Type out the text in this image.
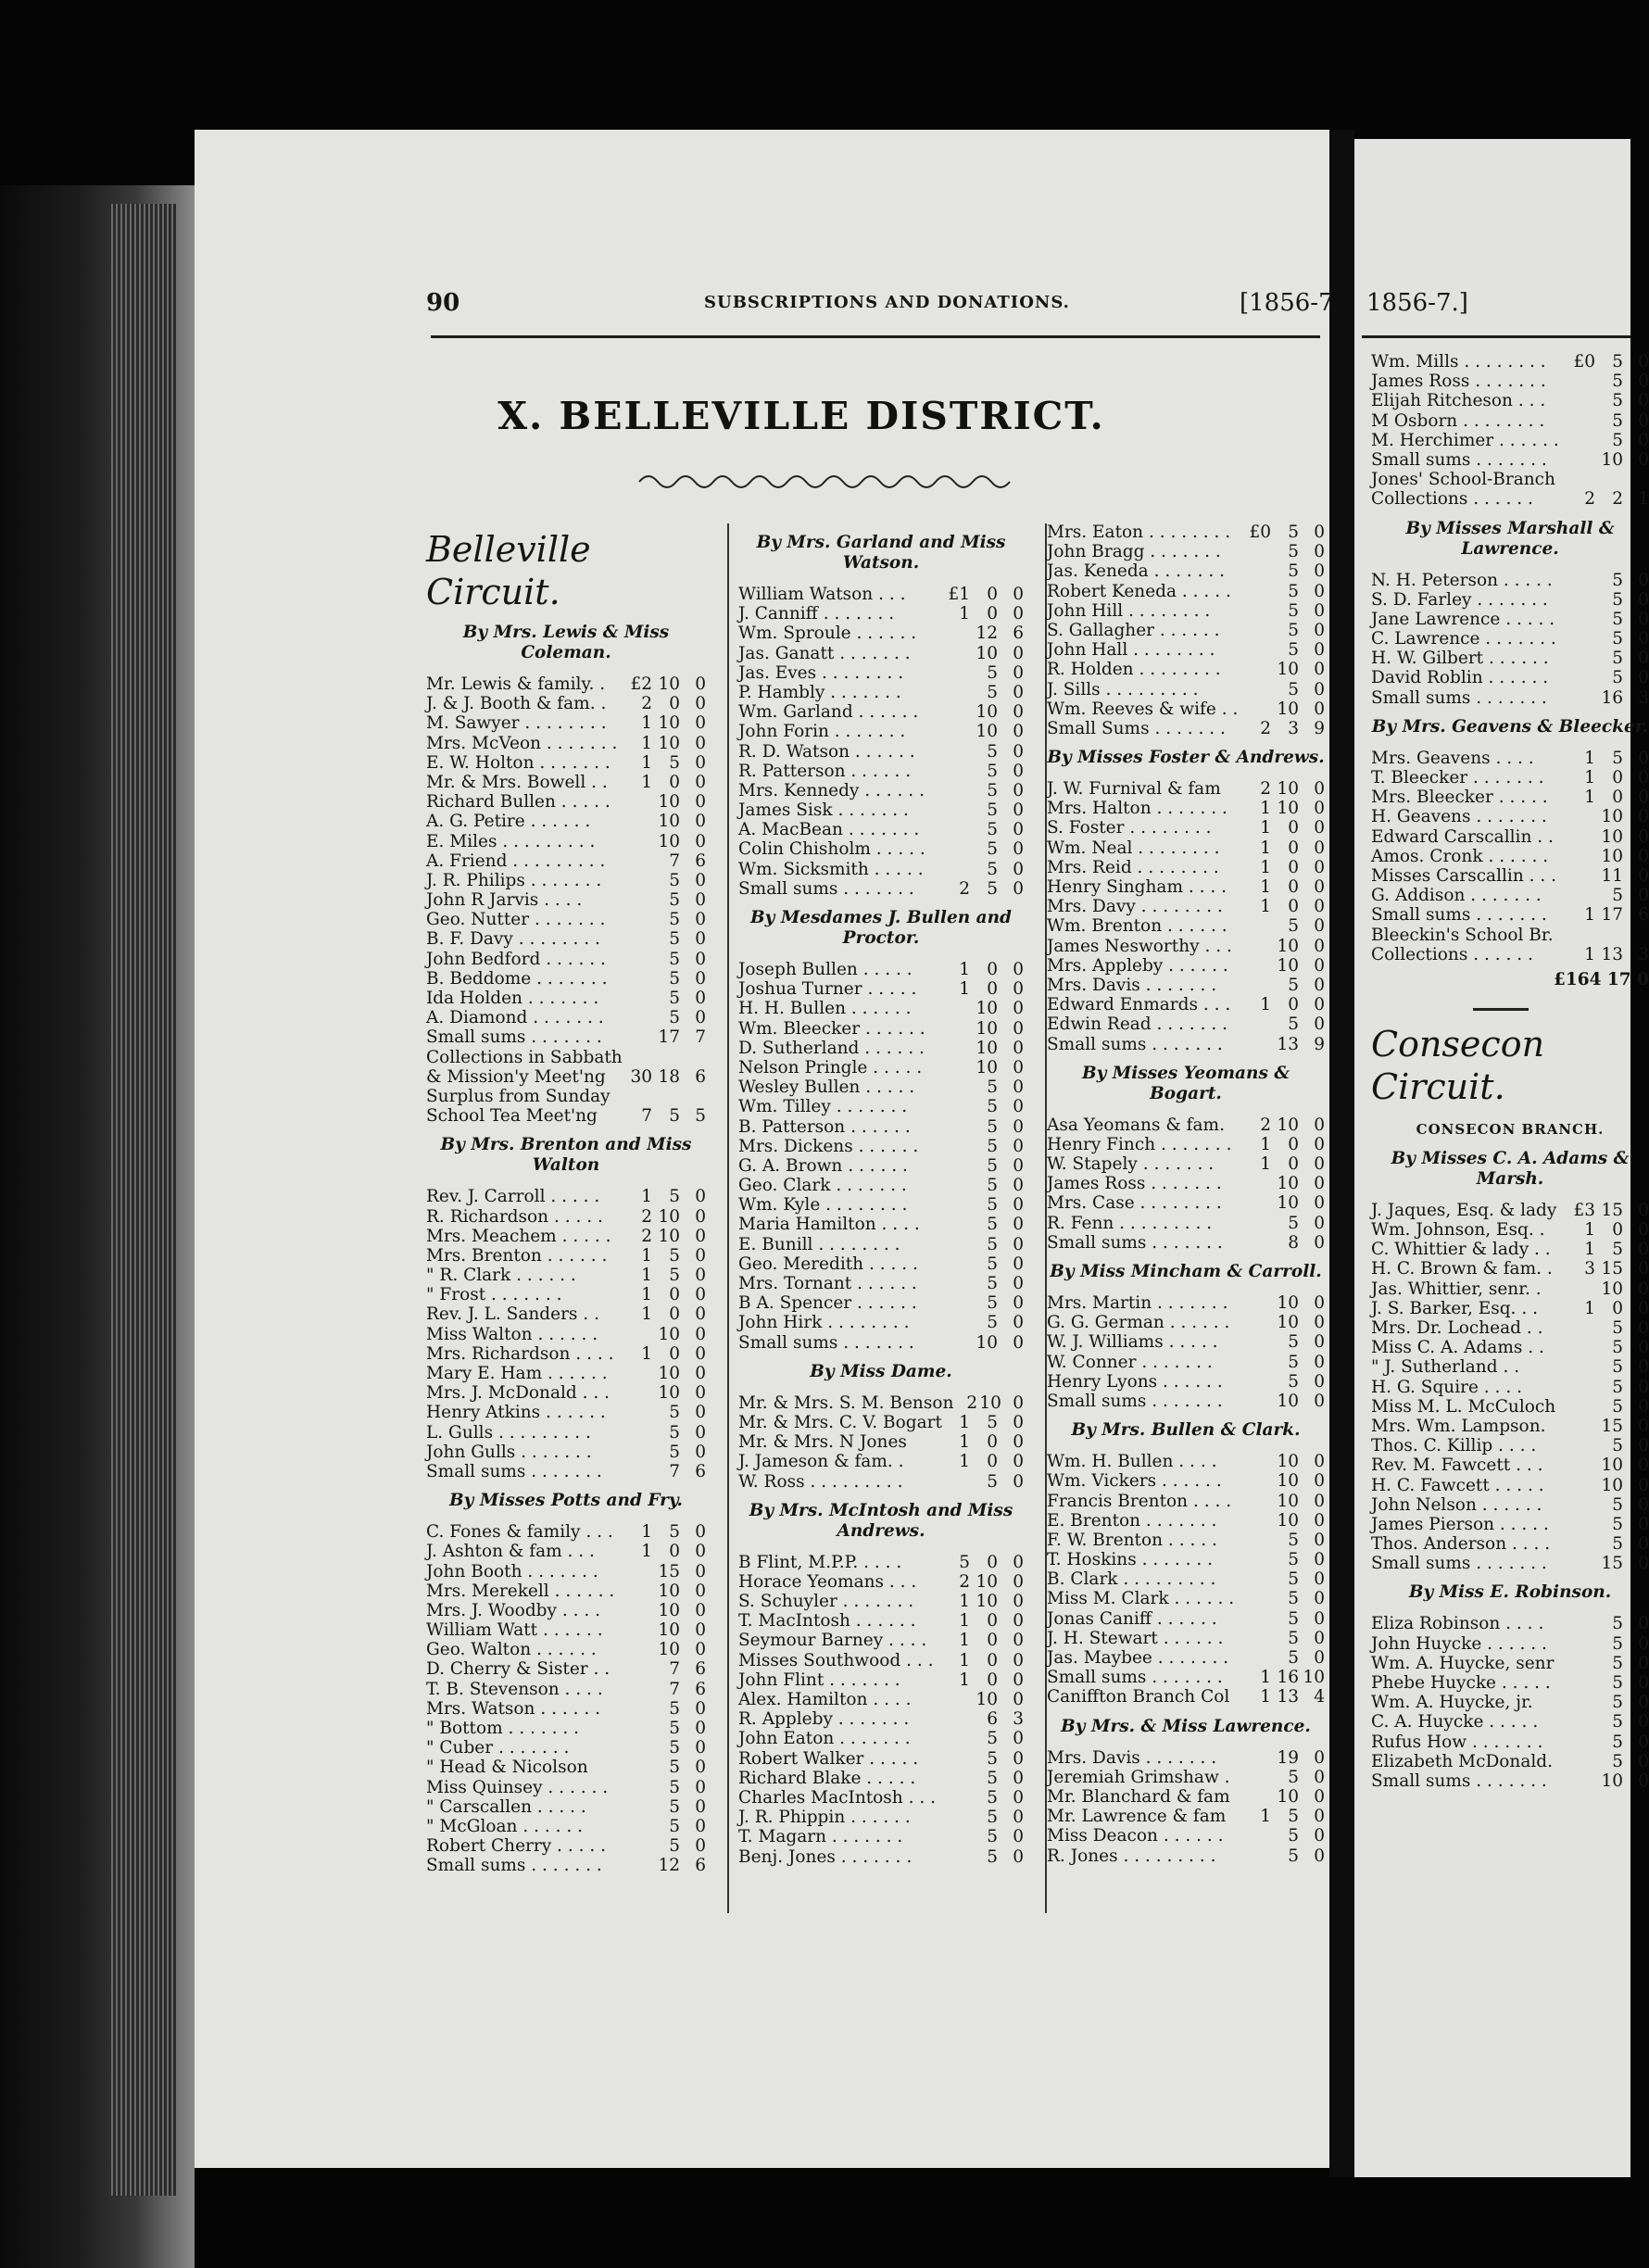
90	SUBSCRIPTIONS AND DONATIONS.	[1856-7 1856-7.]
X. BELLEVILLE DISTRICT.
Belleville Circuit.
By Mrs. Lewis & Miss Coleman.
Mr. Lewis & family. .	£2 10 0
J. & J. Booth & fam. .	2 0 0
M. Sawyer . . . . . . . .	1 10 0
Mrs. McVeon . . . . . . .	1 10 0
E. W. Holton . . . . . . .	1 5 0
Mr. & Mrs. Bowell . .	1 0 0
Richard Bullen . . . . .	10 0
A. G. Petire . . . . . .	10 0
E. Miles . . . . . . . . .	10 0
A. Friend . . . . . . . . .	7 6
J. R. Philips . . . . . . .	5 0
John R Jarvis . . . .	5 0
Geo. Nutter . . . . . . .	5 0
B. F. Davy . . . . . . . .	5 0
John Bedford . . . . . .	5 0
B. Beddome . . . . . . .	5 0
Ida Holden . . . . . . .	5 0
A. Diamond . . . . . . .	5 0
Small sums . . . . . . .	17 7
Collections in Sabbath
& Mission'y Meet'ng	30 18 6
Surplus from Sunday
School Tea Meet'ng	7 5 5
By Mrs. Brenton and Miss Walton
Rev. J. Carroll . . . . .	1 5 0
R. Richardson . . . . .	2 10 0
Mrs. Meachem . . . . .	2 10 0
Mrs. Brenton . . . . . .	1 5 0
" R. Clark . . . . . .	1 5 0
" Frost . . . . . . .	1 0 0
Rev. J. L. Sanders . .	1 0 0
Miss Walton . . . . . .	10 0
Mrs. Richardson . . . .	1 0 0
Mary E. Ham . . . . . .	10 0
Mrs. J. McDonald . . .	10 0
Henry Atkins . . . . . .	5 0
L. Gulls . . . . . . . . .	5 0
John Gulls . . . . . . .	5 0
Small sums . . . . . . .	7 6
By Misses Potts and Fry.
C. Fones & family . . .	1 5 0
J. Ashton & fam . . .	1 0 0
John Booth . . . . . . .	15 0
Mrs. Merekell . . . . . .	10 0
Mrs. J. Woodby . . . .	10 0
William Watt . . . . . .	10 0
Geo. Walton . . . . . .	10 0
D. Cherry & Sister . .	7 6
T. B. Stevenson . . . .	7 6
Mrs. Watson . . . . . .	5 0
" Bottom . . . . . . .	5 0
" Cuber . . . . . . .	5 0
" Head & Nicolson	5 0
Miss Quinsey . . . . . .	5 0
" Carscallen . . . . .	5 0
" McGloan . . . . . .	5 0
Robert Cherry . . . . .	5 0
Small sums . . . . . . .	12 6
By Mrs. Garland and Miss Watson.
William Watson . . .	£1 0 0
J. Canniff . . . . . . .	1 0 0
Wm. Sproule . . . . . .	12 6
Jas. Ganatt . . . . . . .	10 0
Jas. Eves . . . . . . . .	5 0
P. Hambly . . . . . . .	5 0
Wm. Garland . . . . . .	10 0
John Forin . . . . . . .	10 0
R. D. Watson . . . . . .	5 0
R. Patterson . . . . . .	5 0
Mrs. Kennedy . . . . . .	5 0
James Sisk . . . . . . .	5 0
A. MacBean . . . . . . .	5 0
Colin Chisholm . . . . .	5 0
Wm. Sicksmith . . . . .	5 0
Small sums . . . . . . .	2 5 0
By Mesdames J. Bullen and Proctor.
Joseph Bullen . . . . .	1 0 0
Joshua Turner . . . . .	1 0 0
H. H. Bullen . . . . . .	10 0
Wm. Bleecker . . . . . .	10 0
D. Sutherland . . . . . .	10 0
Nelson Pringle . . . . .	10 0
Wesley Bullen . . . . .	5 0
Wm. Tilley . . . . . . .	5 0
B. Patterson . . . . . .	5 0
Mrs. Dickens . . . . . .	5 0
G. A. Brown . . . . . .	5 0
Geo. Clark . . . . . . .	5 0
Wm. Kyle . . . . . . . .	5 0
Maria Hamilton . . . .	5 0
E. Bunill . . . . . . . .	5 0
Geo. Meredith . . . . .	5 0
Mrs. Tornant . . . . . .	5 0
B A. Spencer . . . . . .	5 0
John Hirk . . . . . . . .	5 0
Small sums . . . . . . .	10 0
By Miss Dame.
Mr. & Mrs. S. M. Benson 2 10 0
Mr. & Mrs. C. V. Bogart 1 5 0
Mr. & Mrs. N Jones	1 0 0
J. Jameson & fam. .	1 0 0
W. Ross . . . . . . . . .	5 0
By Mrs. McIntosh and Miss Andrews.
B Flint, M.P.P. . . . .	5 0 0
Horace Yeomans . . .	2 10 0
S. Schuyler . . . . . . .	1 10 0
T. MacIntosh . . . . . .	1 0 0
Seymour Barney . . . .	1 0 0
Misses Southwood . . .	1 0 0
John Flint . . . . . . .	1 0 0
Alex. Hamilton . . . .	10 0
R. Appleby . . . . . . .	6 3
John Eaton . . . . . . .	5 0
Robert Walker . . . . .	5 0
Richard Blake . . . . .	5 0
Charles MacIntosh . . .	5 0
J. R. Phippin . . . . . .	5 0
T. Magarn . . . . . . .	5 0
Benj. Jones . . . . . . .	5 0
Mrs. Eaton . . . . . . . .	£0 5 0
John Bragg . . . . . . .	5 0
Jas. Keneda . . . . . . .	5 0
Robert Keneda . . . . .	5 0
John Hill . . . . . . . .	5 0
S. Gallagher . . . . . .	5 0
John Hall . . . . . . . .	5 0
R. Holden . . . . . . . .	10 0
J. Sills . . . . . . . . .	5 0
Wm. Reeves & wife . .	10 0
Small Sums . . . . . . .	2 3 9
By Misses Foster & Andrews.
J. W. Furnival & fam	2 10 0
Mrs. Halton . . . . . . .	1 10 0
S. Foster . . . . . . . .	1 0 0
Wm. Neal . . . . . . . .	1 0 0
Mrs. Reid . . . . . . . .	1 0 0
Henry Singham . . . .	1 0 0
Mrs. Davy . . . . . . . .	1 0 0
Wm. Brenton . . . . . .	5 0
James Nesworthy . . .	10 0
Mrs. Appleby . . . . . .	10 0
Mrs. Davis . . . . . . .	5 0
Edward Enmards . . .	1 0 0
Edwin Read . . . . . . .	5 0
Small sums . . . . . . .	13 9
By Misses Yeomans & Bogart.
Asa Yeomans & fam.	2 10 0
Henry Finch . . . . . . .	1 0 0
W. Stapely . . . . . . .	1 0 0
James Ross . . . . . . .	10 0
Mrs. Case . . . . . . . .	10 0
R. Fenn . . . . . . . . .	5 0
Small sums . . . . . . .	8 0
By Miss Mincham & Carroll.
Mrs. Martin . . . . . . .	10 0
G. G. German . . . . . .	10 0
W. J. Williams . . . . .	5 0
W. Conner . . . . . . .	5 0
Henry Lyons . . . . . .	5 0
Small sums . . . . . . .	10 0
By Mrs. Bullen & Clark.
Wm. H. Bullen . . . .	10 0
Wm. Vickers . . . . . .	10 0
Francis Brenton . . . .	10 0
E. Brenton . . . . . . .	10 0
F. W. Brenton . . . . .	5 0
T. Hoskins . . . . . . .	5 0
B. Clark . . . . . . . . .	5 0
Miss M. Clark . . . . . .	5 0
Jonas Caniff . . . . . .	5 0
J. H. Stewart . . . . . .	5 0
Jas. Maybee . . . . . . .	5 0
Small sums . . . . . . .	1 16 10
Caniffton Branch Col	1 13 4
By Mrs. & Miss Lawrence.
Mrs. Davis . . . . . . .	19 0
Jeremiah Grimshaw .	5 0
Mr. Blanchard & fam	10 0
Mr. Lawrence & fam	1 5 0
Miss Deacon . . . . . .	5 0
R. Jones . . . . . . . . .	5 0
Wm. Mills . . . . . . . .	£0 5 0
James Ross . . . . . . .	5 0
Elijah Ritcheson . . .	5 0
M Osborn . . . . . . . .	5 0
M. Herchimer . . . . . .	5 0
Small sums . . . . . . .	10 0
Jones' School-Branch
Collections . . . . . .	2 2 1
By Misses Marshall & Lawrence.
N. H. Peterson . . . . .	5 0
S. D. Farley . . . . . . .	5 0
Jane Lawrence . . . . .	5 0
C. Lawrence . . . . . . .	5 0
H. W. Gilbert . . . . . .	5 0
David Roblin . . . . . .	5 0
Small sums . . . . . . .	16 3
By Mrs. Geavens & Bleecker.
Mrs. Geavens . . . .	1 5 0
T. Bleecker . . . . . . .	1 0 0
Mrs. Bleecker . . . . .	1 0 0
H. Geavens . . . . . . .	10 0
Edward Carscallin . .	10 0
Amos. Cronk . . . . . .	10 0
Misses Carscallin . . .	11 0
G. Addison . . . . . . .	5 0
Small sums . . . . . . .	1 17 6
Bleeckin's School Br.
Collections . . . . . .	1 13 3
£164 17 0
Consecon Circuit.
CONSECON BRANCH.
By Misses C. A. Adams & Marsh.
J. Jaques, Esq. & lady £3 15 0
Wm. Johnson, Esq. .	1 0 0
C. Whittier & lady . .	1 5 0
H. C. Brown & fam. .	3 15 0
Jas. Whittier, senr. .	10 0
J. S. Barker, Esq. . .	1 0 0
Mrs. Dr. Lochead . .	5 0
Miss C. A. Adams . .	5 0
" J. Sutherland . .	5 0
H. G. Squire . . . .	5 0
Miss M. L. McCuloch	5 0
Mrs. Wm. Lampson.	15 0
Thos. C. Killip . . . .	5 0
Rev. M. Fawcett . . .	10 0
H. C. Fawcett . . . . .	10 0
John Nelson . . . . . .	5 0
James Pierson . . . . .	5 0
Thos. Anderson . . . .	5 0
Small sums . . . . . . .	15 0
By Miss E. Robinson.
Eliza Robinson . . . .	5 0
John Huycke . . . . . .	5 0
Wm. A. Huycke, senr	5 0
Phebe Huycke . . . . .	5 0
Wm. A. Huycke, jr.	5 0
C. A. Huycke . . . . .	5 0
Rufus How . . . . . . .	5 0
Elizabeth McDonald.	5 0
Small sums . . . . . . .	10 0
